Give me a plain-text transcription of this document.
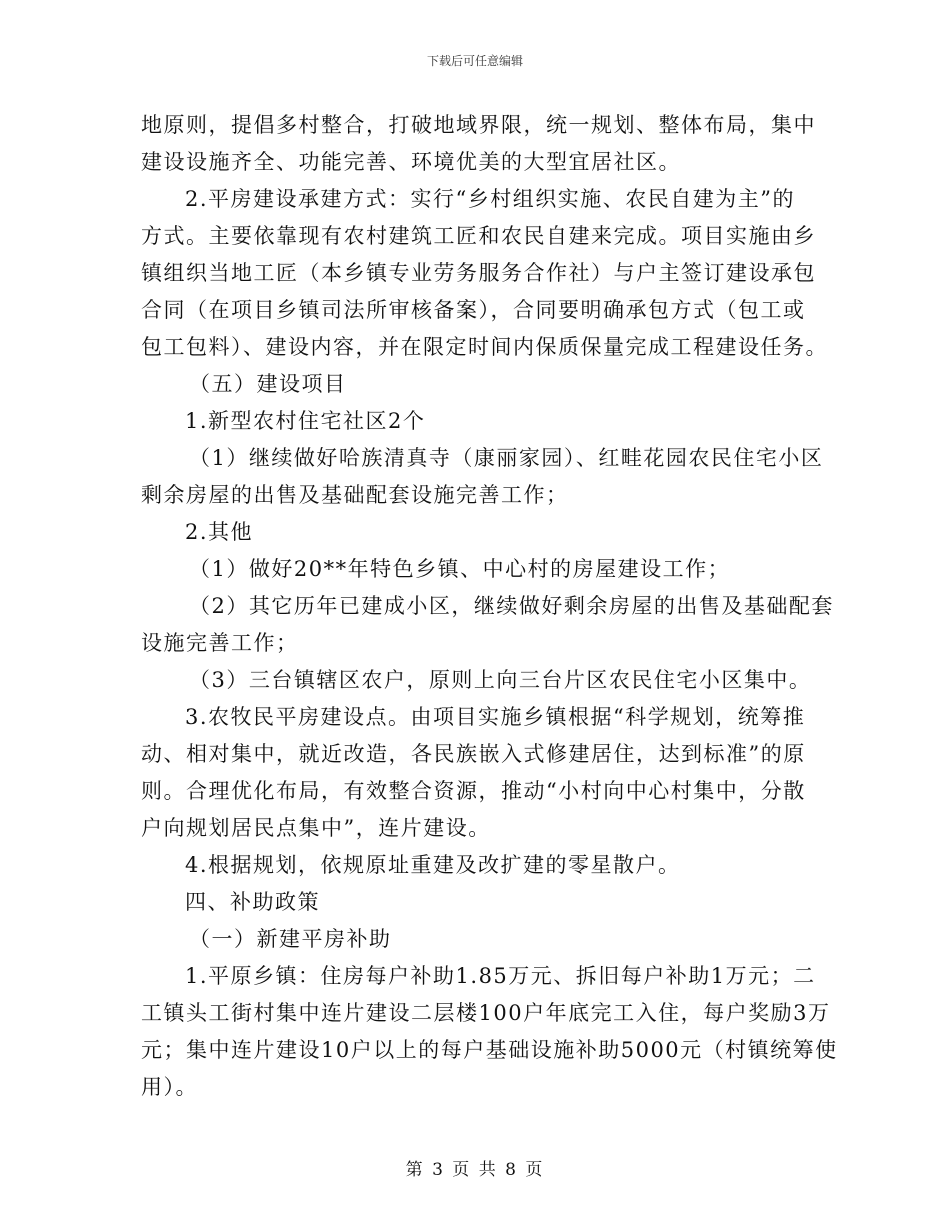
下载后可任意编辑
地原则，提倡多村整合，打破地域界限，统一规划、整体布局，集中
建设设施齐全、功能完善、环境优美的大型宜居社区。
2.平房建设承建方式：实行“乡村组织实施、农民自建为主”的
方式。主要依靠现有农村建筑工匠和农民自建来完成。项目实施由乡
镇组织当地工匠（本乡镇专业劳务服务合作社）与户主签订建设承包
合同（在项目乡镇司法所审核备案），合同要明确承包方式（包工或
包工包料）、建设内容，并在限定时间内保质保量完成工程建设任务。
（五）建设项目
1.新型农村住宅社区2个
（1）继续做好哈族清真寺（康丽家园）、红畦花园农民住宅小区
剩余房屋的出售及基础配套设施完善工作；
2.其他
（1）做好20**年特色乡镇、中心村的房屋建设工作；
（2）其它历年已建成小区，继续做好剩余房屋的出售及基础配套
设施完善工作；
（3）三台镇辖区农户，原则上向三台片区农民住宅小区集中。
3.农牧民平房建设点。由项目实施乡镇根据“科学规划，统筹推
动、相对集中，就近改造，各民族嵌入式修建居住，达到标准”的原
则。合理优化布局，有效整合资源，推动“小村向中心村集中，分散
户向规划居民点集中”，连片建设。
4.根据规划，依规原址重建及改扩建的零星散户。
四、补助政策
（一）新建平房补助
1.平原乡镇：住房每户补助1.85万元、拆旧每户补助1万元；二
工镇头工街村集中连片建设二层楼100户年底完工入住，每户奖励3万
元；集中连片建设10户以上的每户基础设施补助5000元（村镇统筹使
用）。
第 3 页 共 8 页
